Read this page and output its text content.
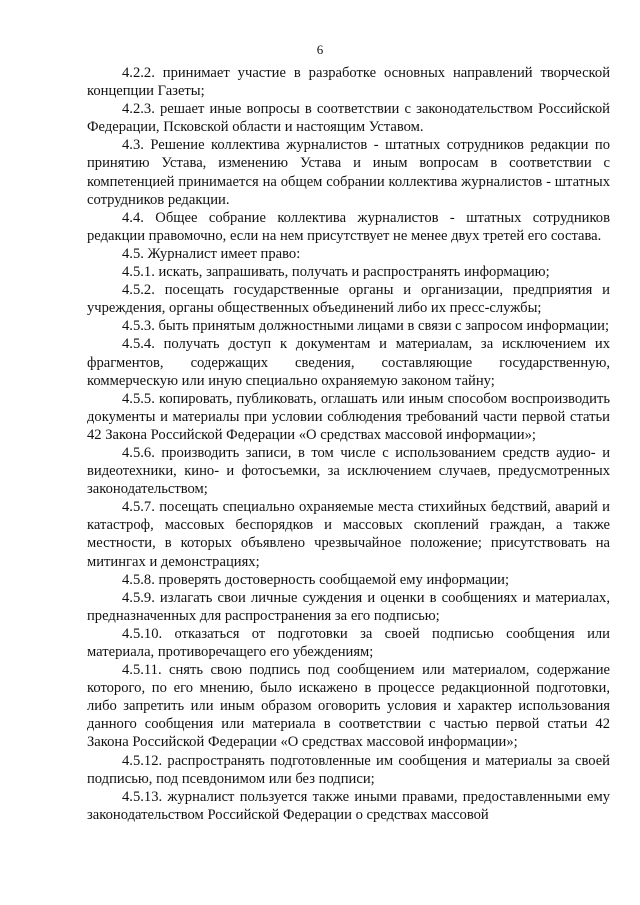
6

4.2.2. принимает участие в разработке основных направлений творческой концепции Газеты;

4.2.3. решает иные вопросы в соответствии с законодательством Российской Федерации, Псковской области и настоящим Уставом.

4.3. Решение коллектива журналистов - штатных сотрудников редакции по принятию Устава, изменению Устава и иным вопросам в соответствии с компетенцией принимается на общем собрании коллектива журналистов - штатных сотрудников редакции.

4.4. Общее собрание коллектива журналистов - штатных сотрудников редакции правомочно, если на нем присутствует не менее двух третей его состава.

4.5. Журналист имеет право:

4.5.1. искать, запрашивать, получать и распространять информацию;

4.5.2. посещать государственные органы и организации, предприятия и учреждения, органы общественных объединений либо их пресс-службы;

4.5.3. быть принятым должностными лицами в связи с запросом информации;

4.5.4. получать доступ к документам и материалам, за исключением их фрагментов, содержащих сведения, составляющие государственную, коммерческую или иную специально охраняемую законом тайну;

4.5.5. копировать, публиковать, оглашать или иным способом воспроизводить документы и материалы при условии соблюдения требований части первой статьи 42 Закона Российской Федерации «О средствах массовой информации»;

4.5.6. производить записи, в том числе с использованием средств аудио- и видеотехники, кино- и фотосъемки, за исключением случаев, предусмотренных законодательством;

4.5.7. посещать специально охраняемые места стихийных бедствий, аварий и катастроф, массовых беспорядков и массовых скоплений граждан, а также местности, в которых объявлено чрезвычайное положение; присутствовать на митингах и демонстрациях;

4.5.8. проверять достоверность сообщаемой ему информации;

4.5.9. излагать свои личные суждения и оценки в сообщениях и материалах, предназначенных для распространения за его подписью;

4.5.10. отказаться от подготовки за своей подписью сообщения или материала, противоречащего его убеждениям;

4.5.11. снять свою подпись под сообщением или материалом, содержание которого, по его мнению, было искажено в процессе редакционной подготовки, либо запретить или иным образом оговорить условия и характер использования данного сообщения или материала в соответствии с частью первой статьи 42 Закона Российской Федерации «О средствах массовой информации»;

4.5.12. распространять подготовленные им сообщения и материалы за своей подписью, под псевдонимом или без подписи;

4.5.13. журналист пользуется также иными правами, предоставленными ему законодательством Российской Федерации о средствах массовой
